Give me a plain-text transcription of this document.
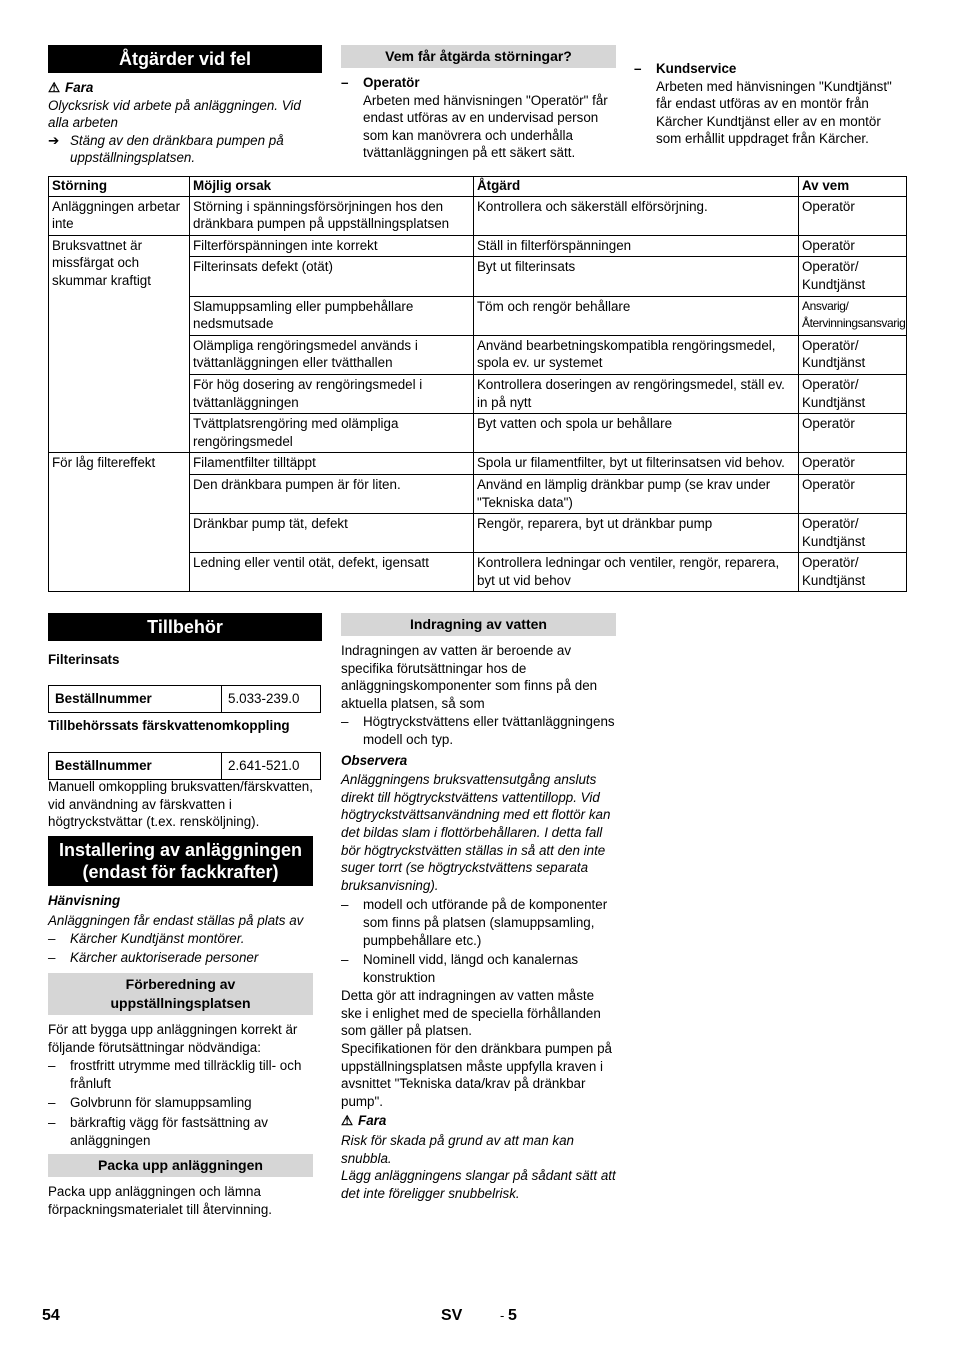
Åtgärder vid fel

⚠ Fara

Olycksrisk vid arbete på anläggningen. Vid alla arbeten

➔ Stäng av den dränkbara pumpen på uppställningsplatsen.

Vem får åtgärda störningar?

– Operatör

Arbeten med hänvisningen "Operatör" får endast utföras av en undervisad person som kan manövrera och underhålla tvättanläggningen på ett säkert sätt.

– Kundservice

Arbeten med hänvisningen "Kundtjänst" får endast utföras av en montör från Kärcher Kundtjänst eller av en montör som erhållit uppdraget från Kärcher.

Störning	Möjlig orsak	Åtgärd	Av vem
Anläggningen arbetar inte	Störning i spänningsförsörjningen hos den dränkbara pumpen på uppställningsplatsen	Kontrollera och säkerställ elförsörjning.	Operatör
Bruksvattnet är missfärgat och skummar kraftigt	Filterförspänningen inte korrekt	Ställ in filterförspänningen	Operatör
	Filterinsats defekt (otät)	Byt ut filterinsats	Operatör/ Kundtjänst
	Slamuppsamling eller pumpbehållare nedsmutsade	Töm och rengör behållare	Ansvarig/Återvinningsansvarig
	Olämpliga rengöringsmedel används i tvättanläggningen eller tvätthallen	Använd bearbetningskompatibla rengöringsmedel, spola ev. ur systemet	Operatör/ Kundtjänst
	För hög dosering av rengöringsmedel i tvättanläggningen	Kontrollera doseringen av rengöringsmedel, ställ ev. in på nytt	Operatör/ Kundtjänst
	Tvättplatsrengöring med olämpliga rengöringsmedel	Byt vatten och spola ur behållare	Operatör
För låg filtereffekt	Filamentfilter tilltäppt	Spola ur filamentfilter, byt ut filterinsatsen vid behov.	Operatör
	Den dränkbara pumpen är för liten.	Använd en lämplig dränkbar pump (se krav under "Tekniska data")	Operatör
	Dränkbar pump tät, defekt	Rengör, reparera, byt ut dränkbar pump	Operatör/ Kundtjänst
	Ledning eller ventil otät, defekt, igensatt	Kontrollera ledningar och ventiler, rengör, reparera, byt ut vid behov	Operatör/ Kundtjänst
Tillbehör

Filterinsats

Beställnummer	5.033-239.0

Tillbehörssats färskvattenomkoppling

Beställnummer	2.641-521.0

Manuell omkoppling bruksvatten/färskvatten, vid användning av färskvatten i högtryckstvättar (t.ex. rensköljning).

Installering av anläggningen
(endast för fackkrafter)

Hänvisning

Anläggningen får endast ställas på plats av

– Kärcher Kundtjänst montörer.

– Kärcher auktoriserade personer

Förberedning av
uppställningsplatsen

För att bygga upp anläggningen korrekt är följande förutsättningar nödvändiga:

– frostfritt utrymme med tillräcklig till- och frånluft

– Golvbrunn för slamuppsamling

– bärkraftig vägg för fastsättning av anläggningen

Packa upp anläggningen

Packa upp anläggningen och lämna förpackningsmaterialet till återvinning.

Indragning av vatten

Indragningen av vatten är beroende av specifika förutsättningar hos de anläggningskomponenter som finns på den aktuella platsen, så som

– Högtryckstvättens eller tvättanläggningens modell och typ.

Observera

Anläggningens bruksvattensutgång ansluts direkt till högtryckstvättens vattentillopp. Vid högtryckstvättsanvändning med ett flottör kan det bildas slam i flottörbehållaren. I detta fall bör högtryckstvätten ställas in så att den inte suger torrt (se högtryckstvättens separata bruksanvisning).

– modell och utförande på de komponenter som finns på platsen (slamuppsamling, pumpbehållare etc.)

– Nominell vidd, längd och kanalernas konstruktion

Detta gör att indragningen av vatten måste ske i enlighet med de speciella förhållanden som gäller på platsen.

Specifikationen för den dränkbara pumpen på uppställningsplatsen måste uppfylla kraven i avsnittet "Tekniska data/krav på dränkbar pump".

⚠ Fara

Risk för skada på grund av att man kan snubbla.

Lägg anläggningens slangar på sådant sätt att det inte föreligger snubbelrisk.

54	SV	- 5
